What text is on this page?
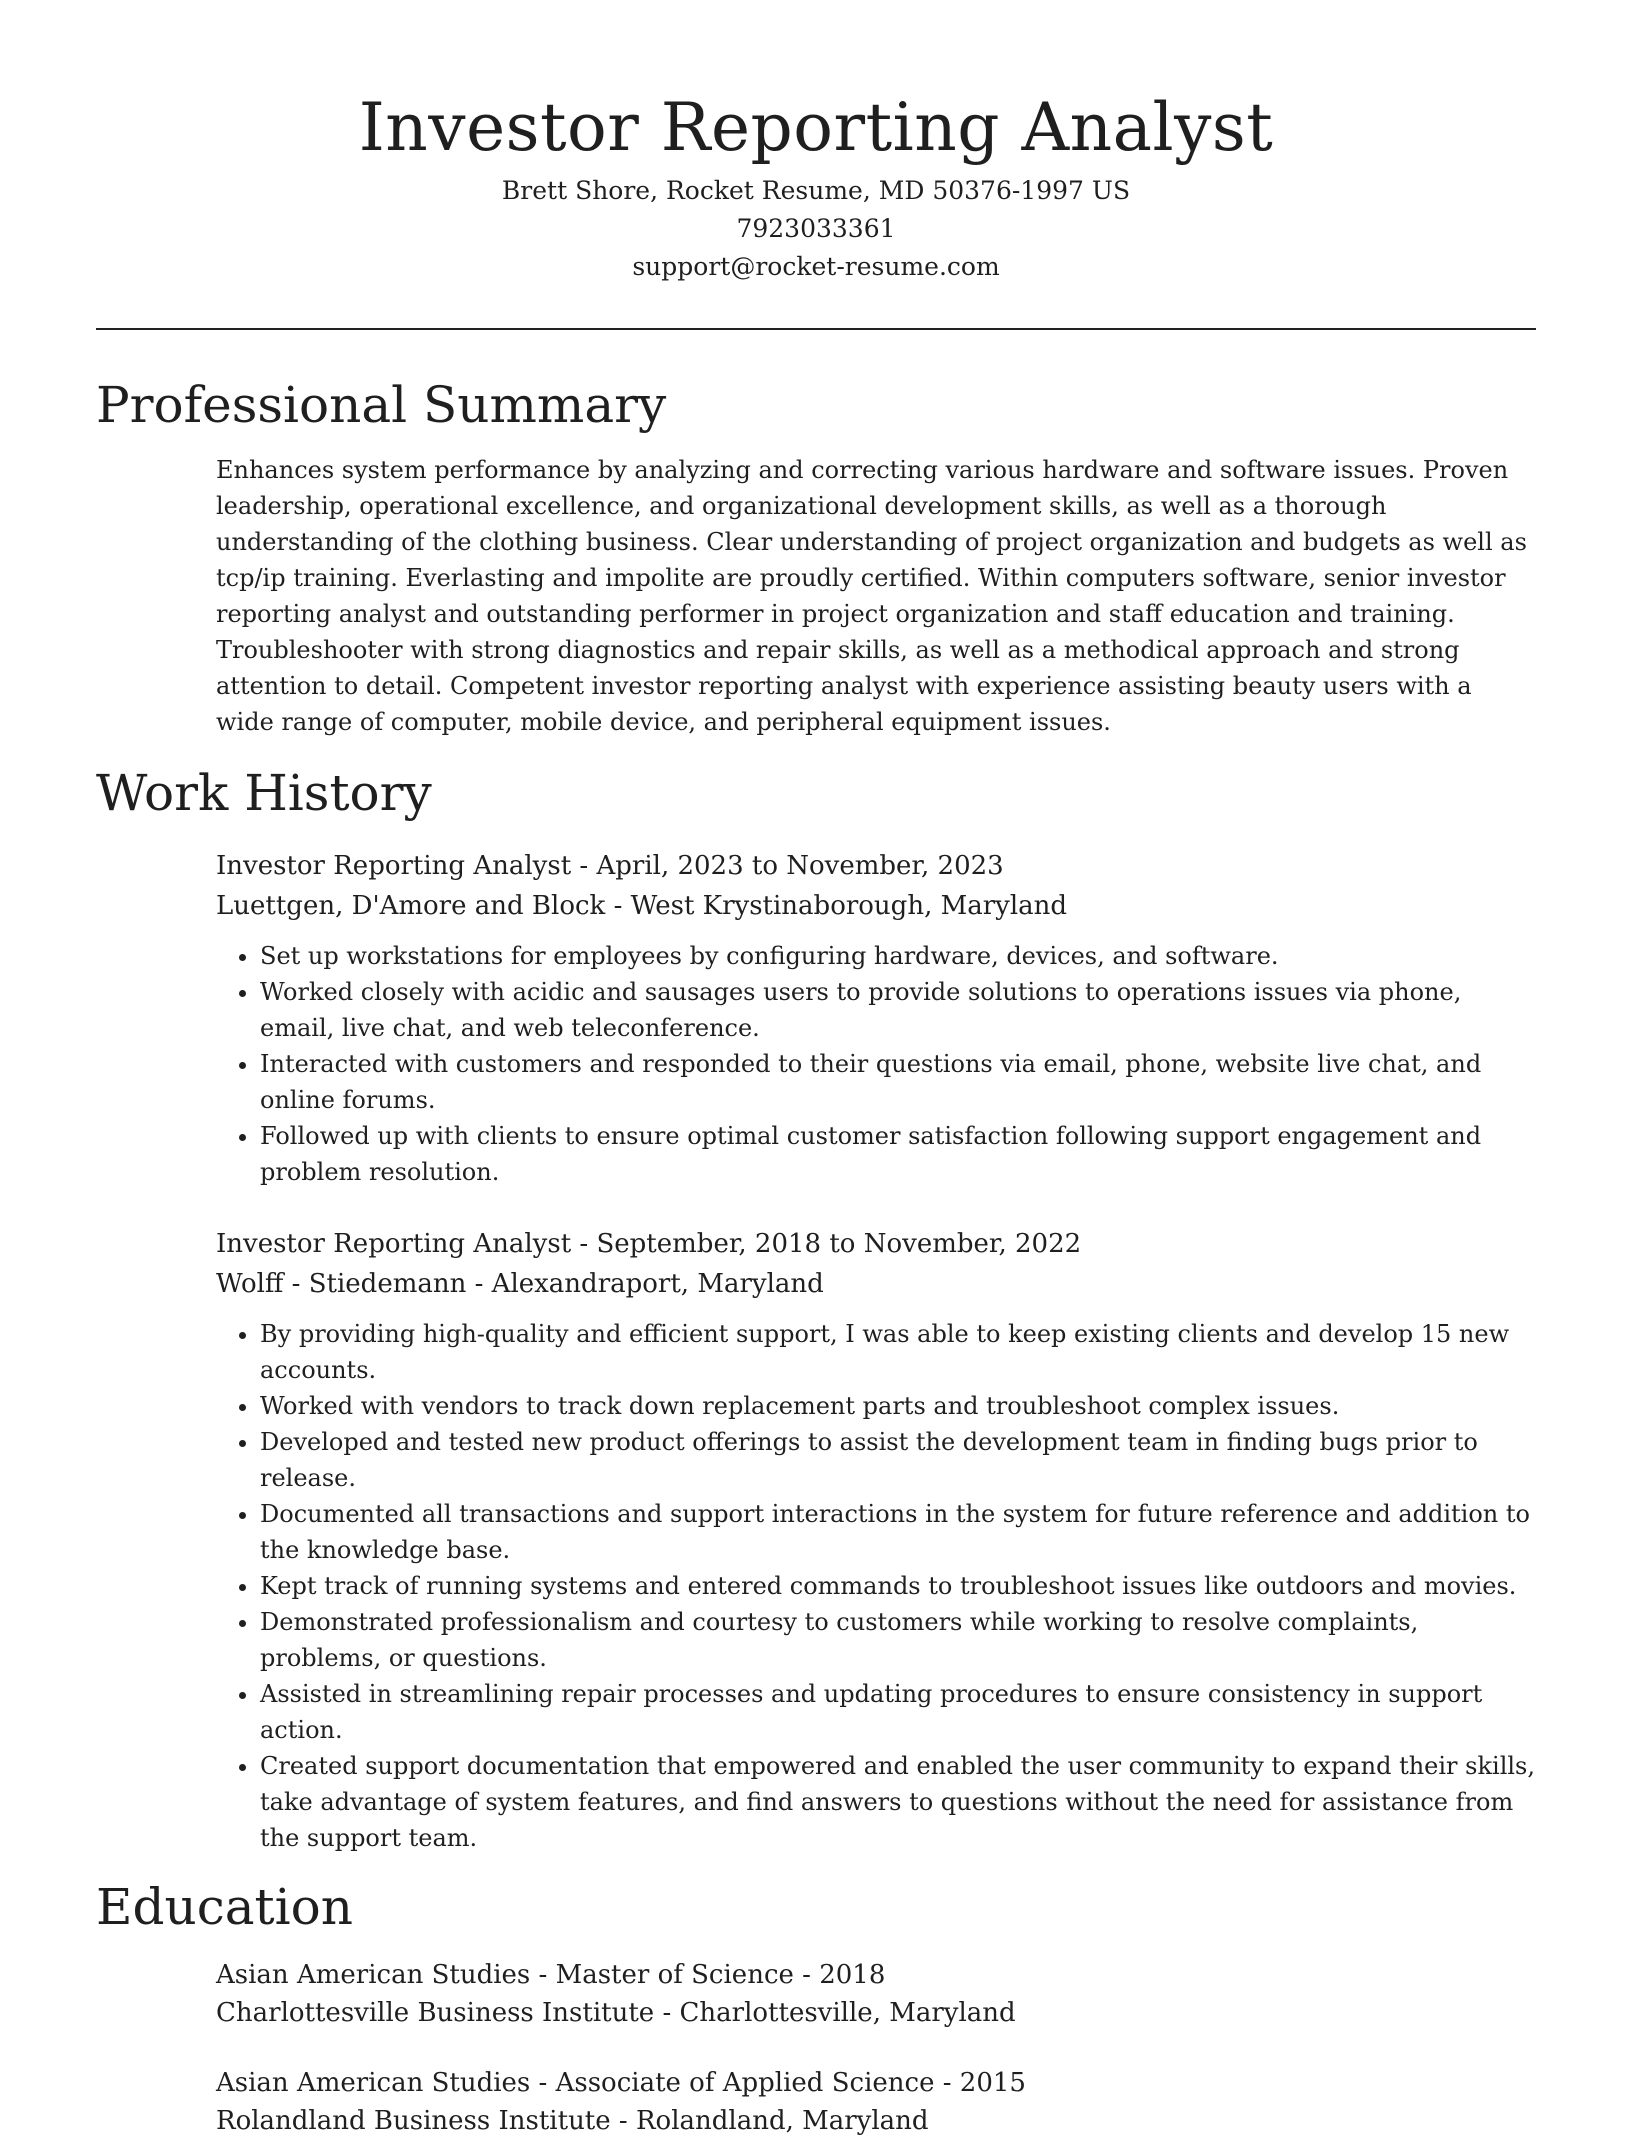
Investor Reporting Analyst

Brett Shore, Rocket Resume, MD 50376-1997 US

7923033361

support@rocket-resume.com

Professional Summary

Enhances system performance by analyzing and correcting various hardware and software issues. Proven leadership, operational excellence, and organizational development skills, as well as a thorough understanding of the clothing business. Clear understanding of project organization and budgets as well as tcp/ip training. Everlasting and impolite are proudly certified. Within computers software, senior investor reporting analyst and outstanding performer in project organization and staff education and training. Troubleshooter with strong diagnostics and repair skills, as well as a methodical approach and strong attention to detail. Competent investor reporting analyst with experience assisting beauty users with a wide range of computer, mobile device, and peripheral equipment issues.

Work History

Investor Reporting Analyst - April, 2023 to November, 2023

Luettgen, D'Amore and Block - West Krystinaborough, Maryland

• Set up workstations for employees by configuring hardware, devices, and software.
• Worked closely with acidic and sausages users to provide solutions to operations issues via phone, email, live chat, and web teleconference.
• Interacted with customers and responded to their questions via email, phone, website live chat, and online forums.
• Followed up with clients to ensure optimal customer satisfaction following support engagement and problem resolution.

Investor Reporting Analyst - September, 2018 to November, 2022

Wolff - Stiedemann - Alexandraport, Maryland

• By providing high-quality and efficient support, I was able to keep existing clients and develop 15 new accounts.
• Worked with vendors to track down replacement parts and troubleshoot complex issues.
• Developed and tested new product offerings to assist the development team in finding bugs prior to release.
• Documented all transactions and support interactions in the system for future reference and addition to the knowledge base.
• Kept track of running systems and entered commands to troubleshoot issues like outdoors and movies.
• Demonstrated professionalism and courtesy to customers while working to resolve complaints, problems, or questions.
• Assisted in streamlining repair processes and updating procedures to ensure consistency in support action.
• Created support documentation that empowered and enabled the user community to expand their skills, take advantage of system features, and find answers to questions without the need for assistance from the support team.
Education

Asian American Studies - Master of Science - 2018

Charlottesville Business Institute - Charlottesville, Maryland

Asian American Studies - Associate of Applied Science - 2015

Rolandland Business Institute - Rolandland, Maryland
